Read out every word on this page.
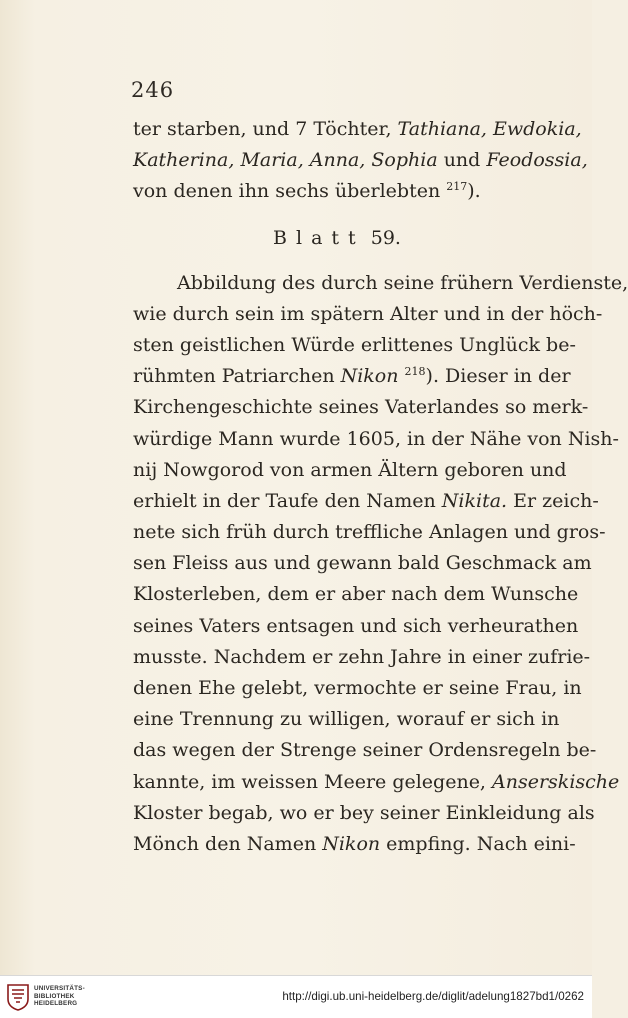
246
ter starben, und 7 Töchter, Tathiana, Ewdokia,
Katherina, Maria, Anna, Sophia und Feodossia,
von denen ihn sechs überlebten $^{217}$).
Blatt 59.
Abbildung des durch seine frühern Verdienste,
wie durch sein im spätern Alter und in der höch-
sten geistlichen Würde erlittenes Unglück be-
rühmten Patriarchen Nikon $^{218}$). Dieser in der
Kirchengeschichte seines Vaterlandes so merk-
würdige Mann wurde 1605, in der Nähe von Nish-
nij Nowgorod von armen Ältern geboren und
erhielt in der Taufe den Namen Nikita. Er zeich-
nete sich früh durch treffliche Anlagen und gros-
sen Fleiss aus und gewann bald Geschmack am
Klosterleben, dem er aber nach dem Wunsche
seines Vaters entsagen und sich verheurathen
musste. Nachdem er zehn Jahre in einer zufrie-
denen Ehe gelebt, vermochte er seine Frau, in
eine Trennung zu willigen, worauf er sich in
das wegen der Strenge seiner Ordensregeln be-
kannte, im weissen Meere gelegene, Anserskische
Kloster begab, wo er bey seiner Einkleidung als
Mönch den Namen Nikon empfing. Nach eini-
UNIVERSITÄTS-
BIBLIOTHEK
HEIDELBERG
http://digi.ub.uni-heidelberg.de/diglit/adelung1827bd1/0262
